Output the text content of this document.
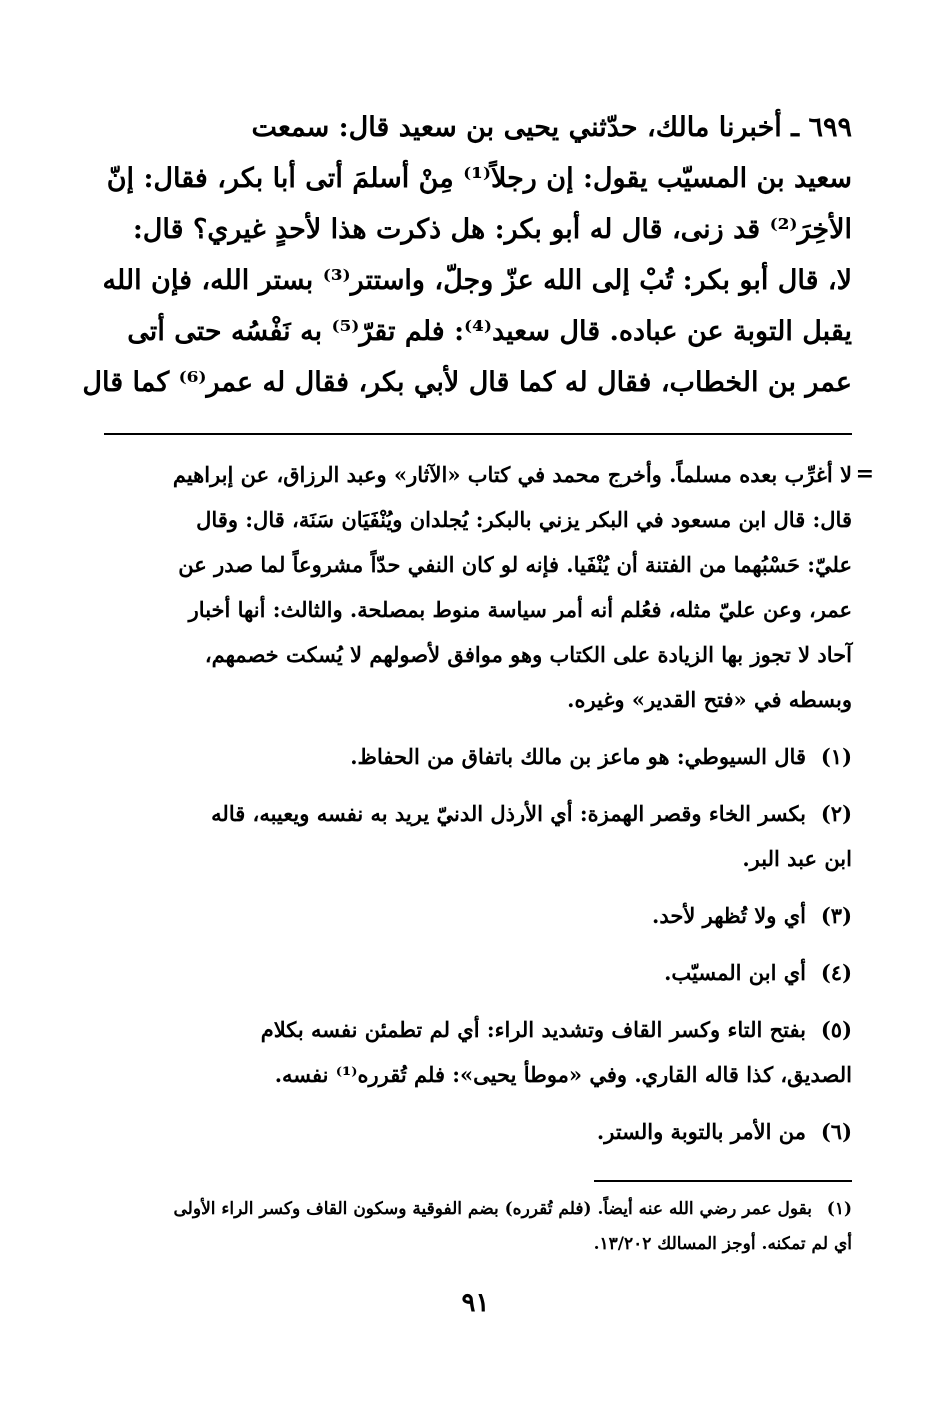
٦٩٩ ـ أخبرنا مالك، حدّثني يحيى بن سعيد قال: سمعت
سعيد بن المسيّب يقول: إن رجلاً⁽¹⁾ مِنْ أسلمَ أتى أبا بكر، فقال: إنّ
الأخِرَ⁽²⁾ قد زنى، قال له أبو بكر: هل ذكرت هذا لأحدٍ غيري؟ قال:
لا، قال أبو بكر: تُبْ إلى الله عزّ وجلّ، واستتر⁽³⁾ بستر الله، فإن الله
يقبل التوبة عن عباده. قال سعيد⁽⁴⁾: فلم تقرّ⁽⁵⁾ به نَفْسُه حتى أتى
عمر بن الخطاب، فقال له كما قال لأبي بكر، فقال له عمر⁽⁶⁾ كما قال
=
لا أغرِّب بعده مسلماً. وأخرج محمد في كتاب «الآثار» وعبد الرزاق، عن إبراهيم
قال: قال ابن مسعود في البكر يزني بالبكر: يُجلدان ويُنْفَيَان سَنَة، قال: وقال
عليّ: حَسْبُهما من الفتنة أن يُنْفَيا. فإنه لو كان النفي حدّاً مشروعاً لما صدر عن
عمر، وعن عليّ مثله، فعُلم أنه أمر سياسة منوط بمصلحة. والثالث: أنها أخبار
آحاد لا تجوز بها الزيادة على الكتاب وهو موافق لأصولهم لا يُسكت خصمهم،
وبسطه في «فتح القدير» وغيره.
(١)قال السيوطي: هو ماعز بن مالك باتفاق من الحفاظ.
(٢)بكسر الخاء وقصر الهمزة: أي الأرذل الدنيّ يريد به نفسه ويعيبه، قاله
ابن عبد البر.
(٣)أي ولا تُظهر لأحد.
(٤)أي ابن المسيّب.
(٥)بفتح التاء وكسر القاف وتشديد الراء: أي لم تطمئن نفسه بكلام
الصديق، كذا قاله القاري. وفي «موطأ يحيى»: فلم تُقرره⁽¹⁾ نفسه.
(٦)من الأمر بالتوبة والستر.
(١)بقول عمر رضي الله عنه أيضاً. (فلم تُقرره) بضم الفوقية وسكون القاف وكسر الراء الأولى
أي لم تمكنه. أوجز المسالك ١٣/٢٠٢.
٩١
